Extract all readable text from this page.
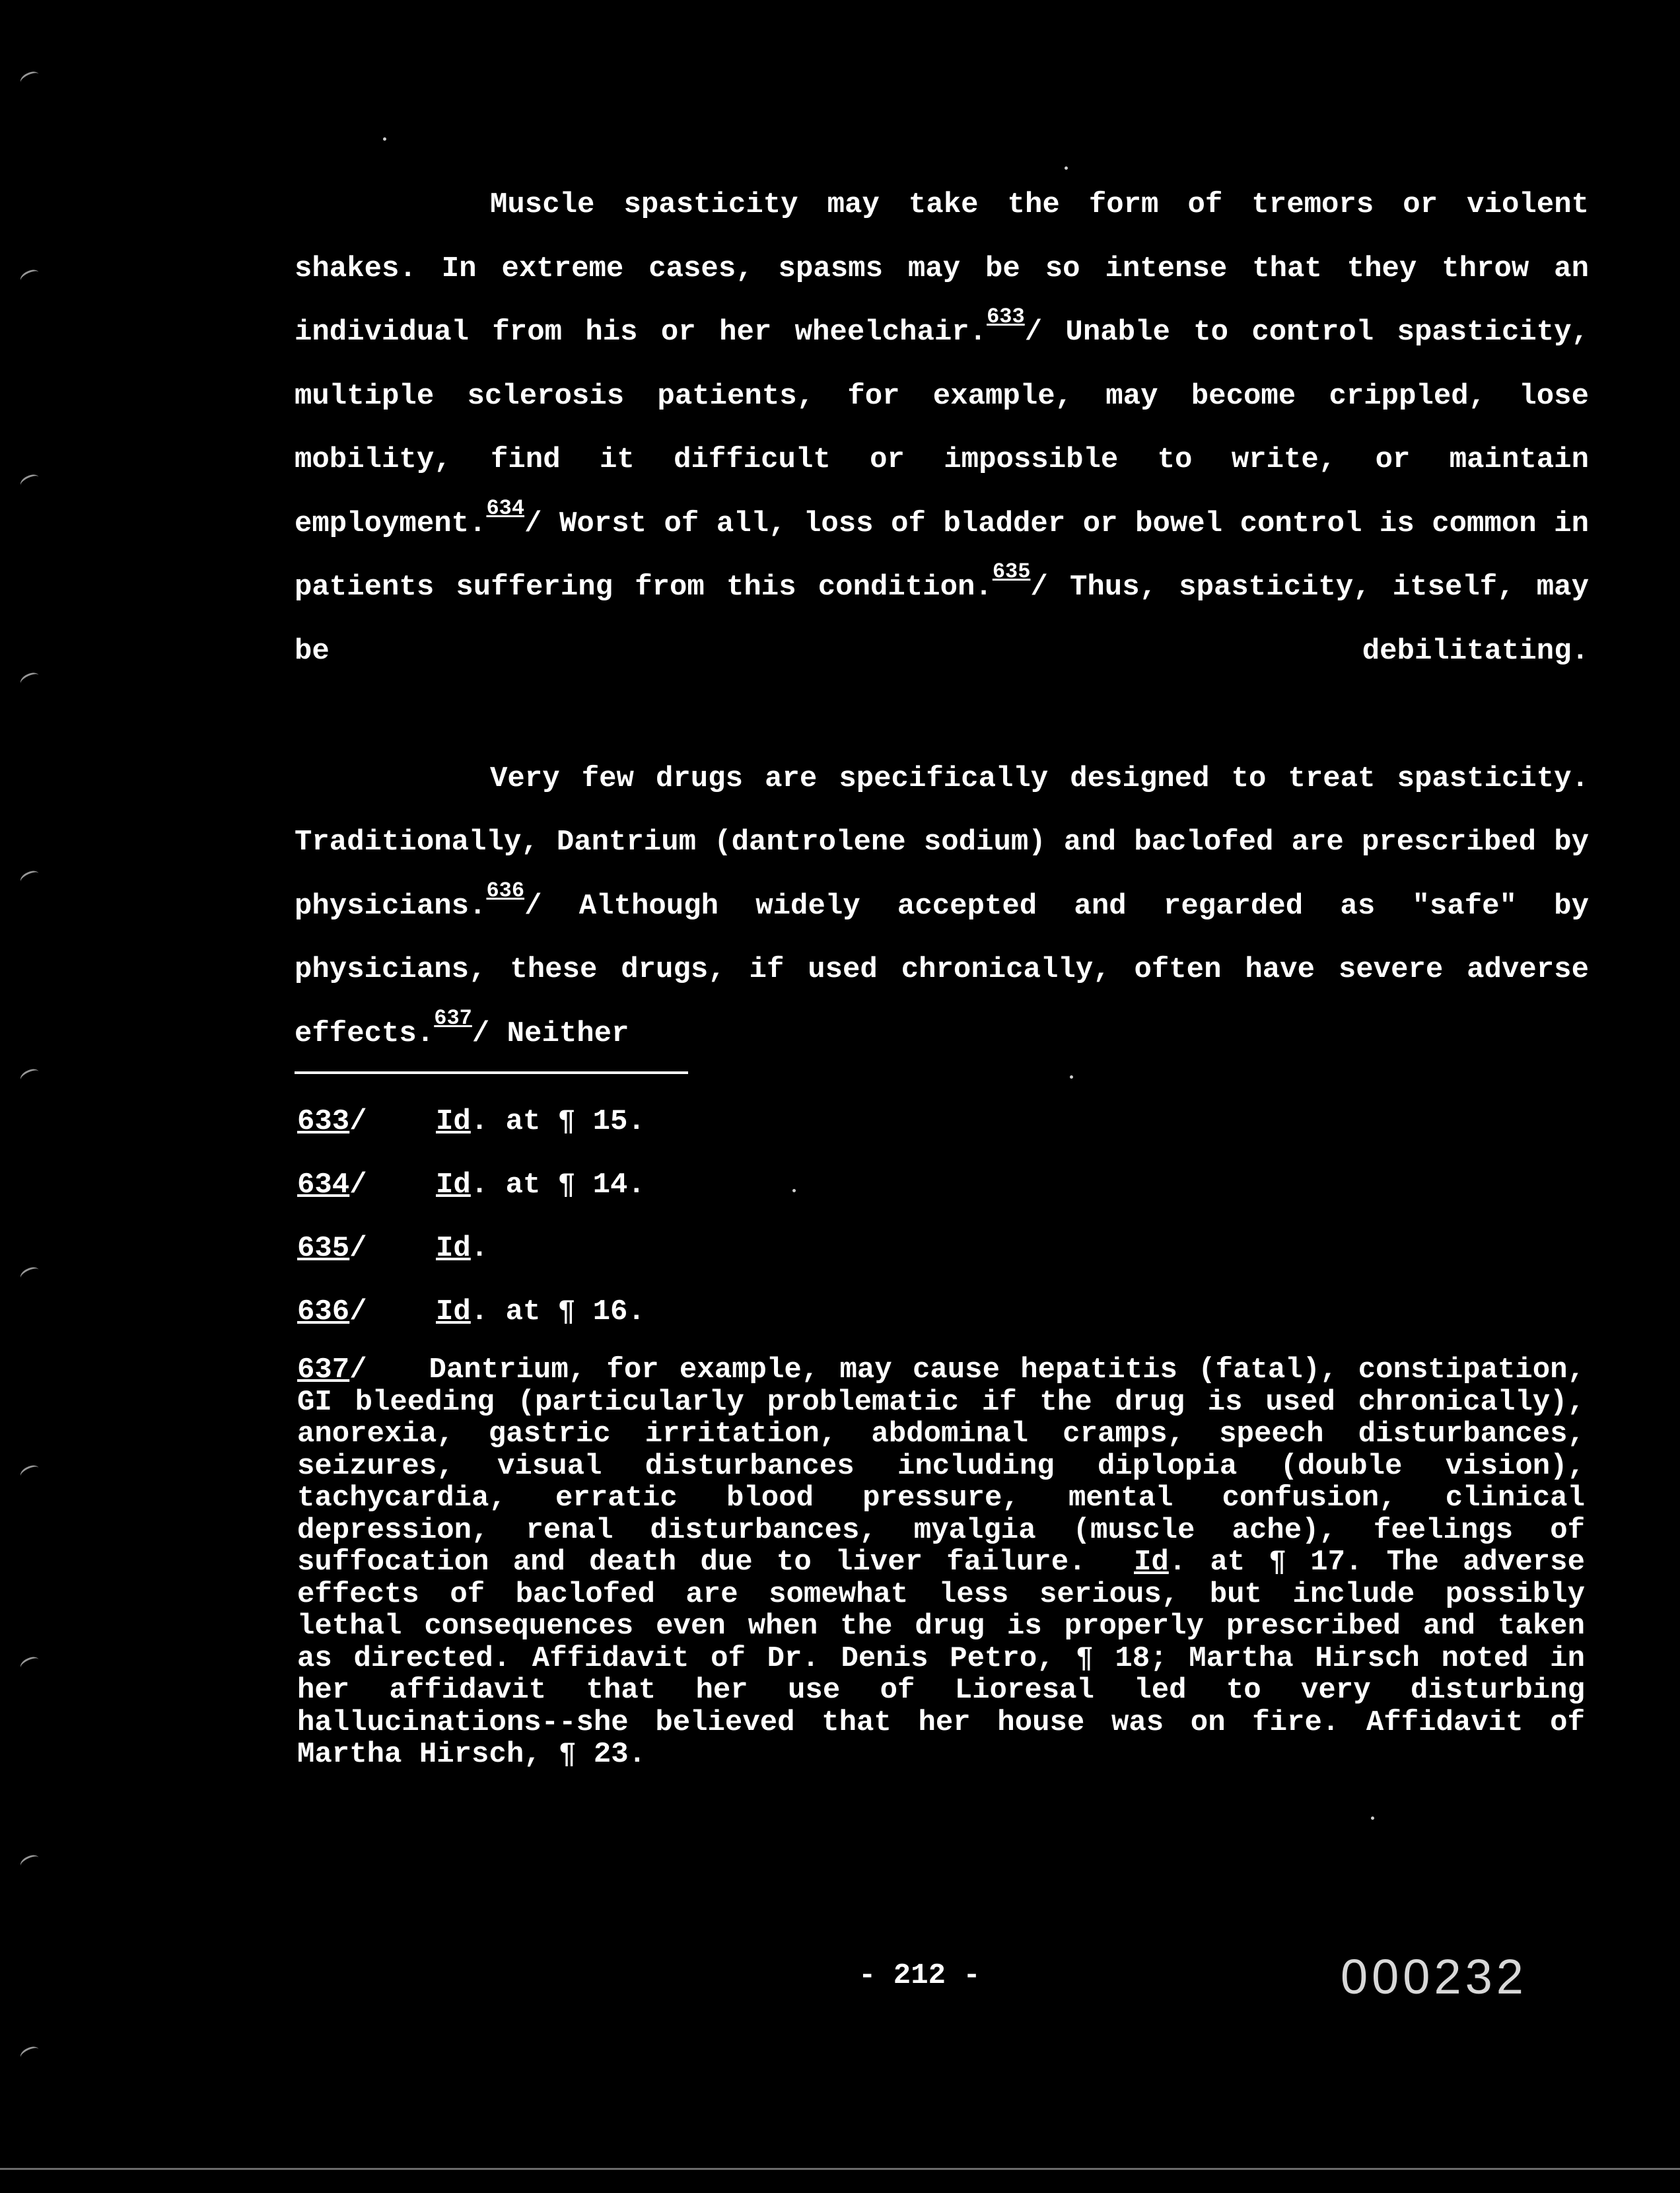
Muscle spasticity may take the form of tremors or violent shakes. In extreme cases, spasms may be so intense that they throw an individual from his or her wheelchair.$^{633}$/ Unable to control spasticity, multiple sclerosis patients, for example, may become crippled, lose mobility, find it difficult or impossible to write, or maintain employment.$^{634}$/ Worst of all, loss of bladder or bowel control is common in patients suffering from this condition.$^{635}$/ Thus, spasticity, itself, may be debilitating.

Very few drugs are specifically designed to treat spasticity. Traditionally, Dantrium (dantrolene sodium) and baclofed are prescribed by physicians.$^{636}$/ Although widely accepted and regarded as "safe" by physicians, these drugs, if used chronically, often have severe adverse effects.$^{637}$/ Neither

633/	Id. at ¶ 15.
634/	Id. at ¶ 14.
635/	Id.
636/	Id. at ¶ 16.
637/   Dantrium, for example, may cause hepatitis (fatal), constipation, GI bleeding (particularly problematic if the drug is used chronically), anorexia, gastric irritation, abdominal cramps, speech disturbances, seizures, visual disturbances including diplopia (double vision), tachycardia, erratic blood pressure, mental confusion, clinical depression, renal disturbances, myalgia (muscle ache), feelings of suffocation and death due to liver failure. Id. at ¶ 17. The adverse effects of baclofed are somewhat less serious, but include possibly lethal consequences even when the drug is properly prescribed and taken as directed. Affidavit of Dr. Denis Petro, ¶ 18; Martha Hirsch noted in her affidavit that her use of Lioresal led to very disturbing hallucinations--she believed that her house was on fire. Affidavit of Martha Hirsch, ¶ 23.
- 212 -	000232
